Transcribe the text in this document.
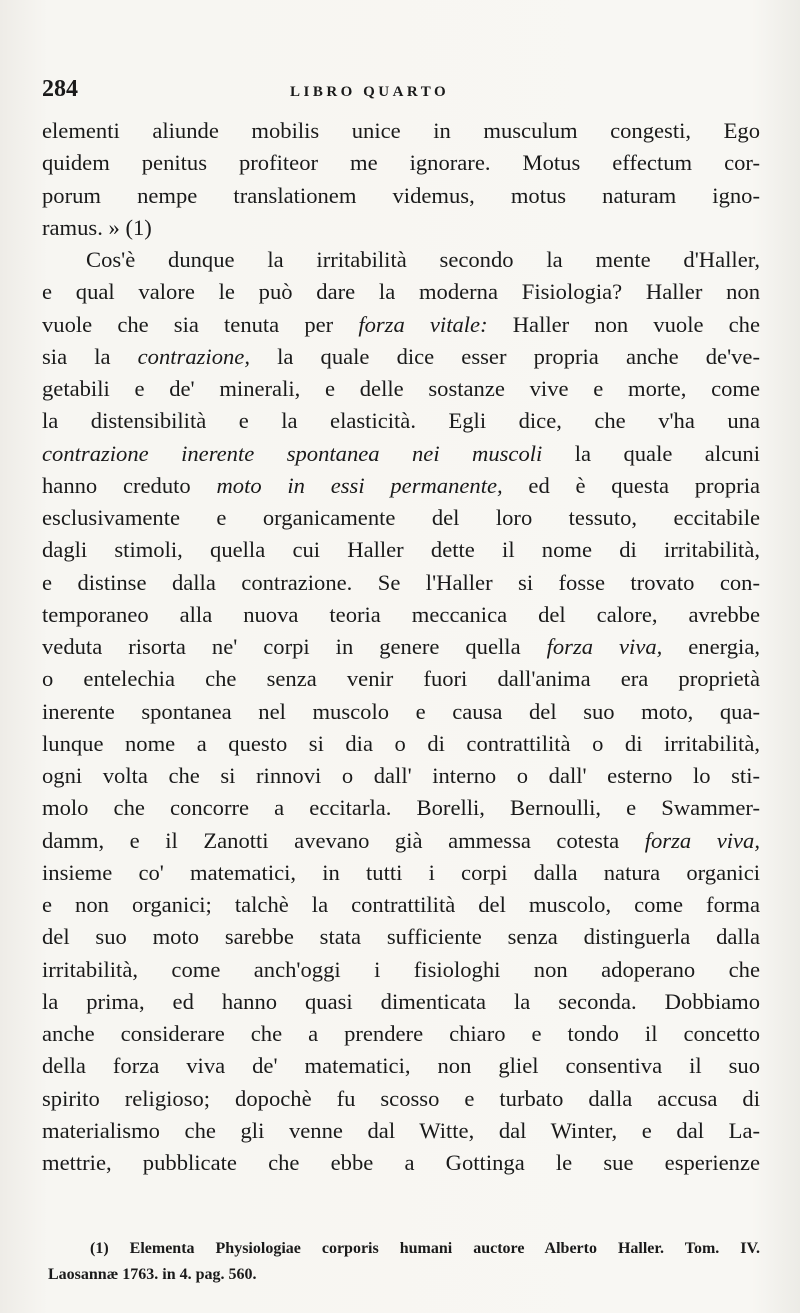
284	LIBRO QUARTO
elementi aliunde mobilis unice in musculum congesti, Ego
quidem penitus profiteor me ignorare. Motus effectum cor-
porum nempe translationem videmus, motus naturam igno-
ramus. » (1)
Cos'è dunque la irritabilità secondo la mente d'Haller,
e qual valore le può dare la moderna Fisiologia? Haller non
vuole che sia tenuta per forza vitale: Haller non vuole che
sia la contrazione, la quale dice esser propria anche de've-
getabili e de' minerali, e delle sostanze vive e morte, come
la distensibilità e la elasticità. Egli dice, che v'ha una
contrazione inerente spontanea nei muscoli la quale alcuni
hanno creduto moto in essi permanente, ed è questa propria
esclusivamente e organicamente del loro tessuto, eccitabile
dagli stimoli, quella cui Haller dette il nome di irritabilità,
e distinse dalla contrazione. Se l'Haller si fosse trovato con-
temporaneo alla nuova teoria meccanica del calore, avrebbe
veduta risorta ne' corpi in genere quella forza viva, energia,
o entelechia che senza venir fuori dall'anima era proprietà
inerente spontanea nel muscolo e causa del suo moto, qua-
lunque nome a questo si dia o di contrattilità o di irritabilità,
ogni volta che si rinnovi o dall' interno o dall' esterno lo sti-
molo che concorre a eccitarla. Borelli, Bernoulli, e Swammer-
damm, e il Zanotti avevano già ammessa cotesta forza viva,
insieme co' matematici, in tutti i corpi dalla natura organici
e non organici; talchè la contrattilità del muscolo, come forma
del suo moto sarebbe stata sufficiente senza distinguerla dalla
irritabilità, come anch'oggi i fisiologhi non adoperano che
la prima, ed hanno quasi dimenticata la seconda. Dobbiamo
anche considerare che a prendere chiaro e tondo il concetto
della forza viva de' matematici, non gliel consentiva il suo
spirito religioso; dopochè fu scosso e turbato dalla accusa di
materialismo che gli venne dal Witte, dal Winter, e dal La-
mettrie, pubblicate che ebbe a Gottinga le sue esperienze
(1) Elementa Physiologiae corporis humani auctore Alberto Haller. Tom. IV.
Laosannæ 1763. in 4. pag. 560.
